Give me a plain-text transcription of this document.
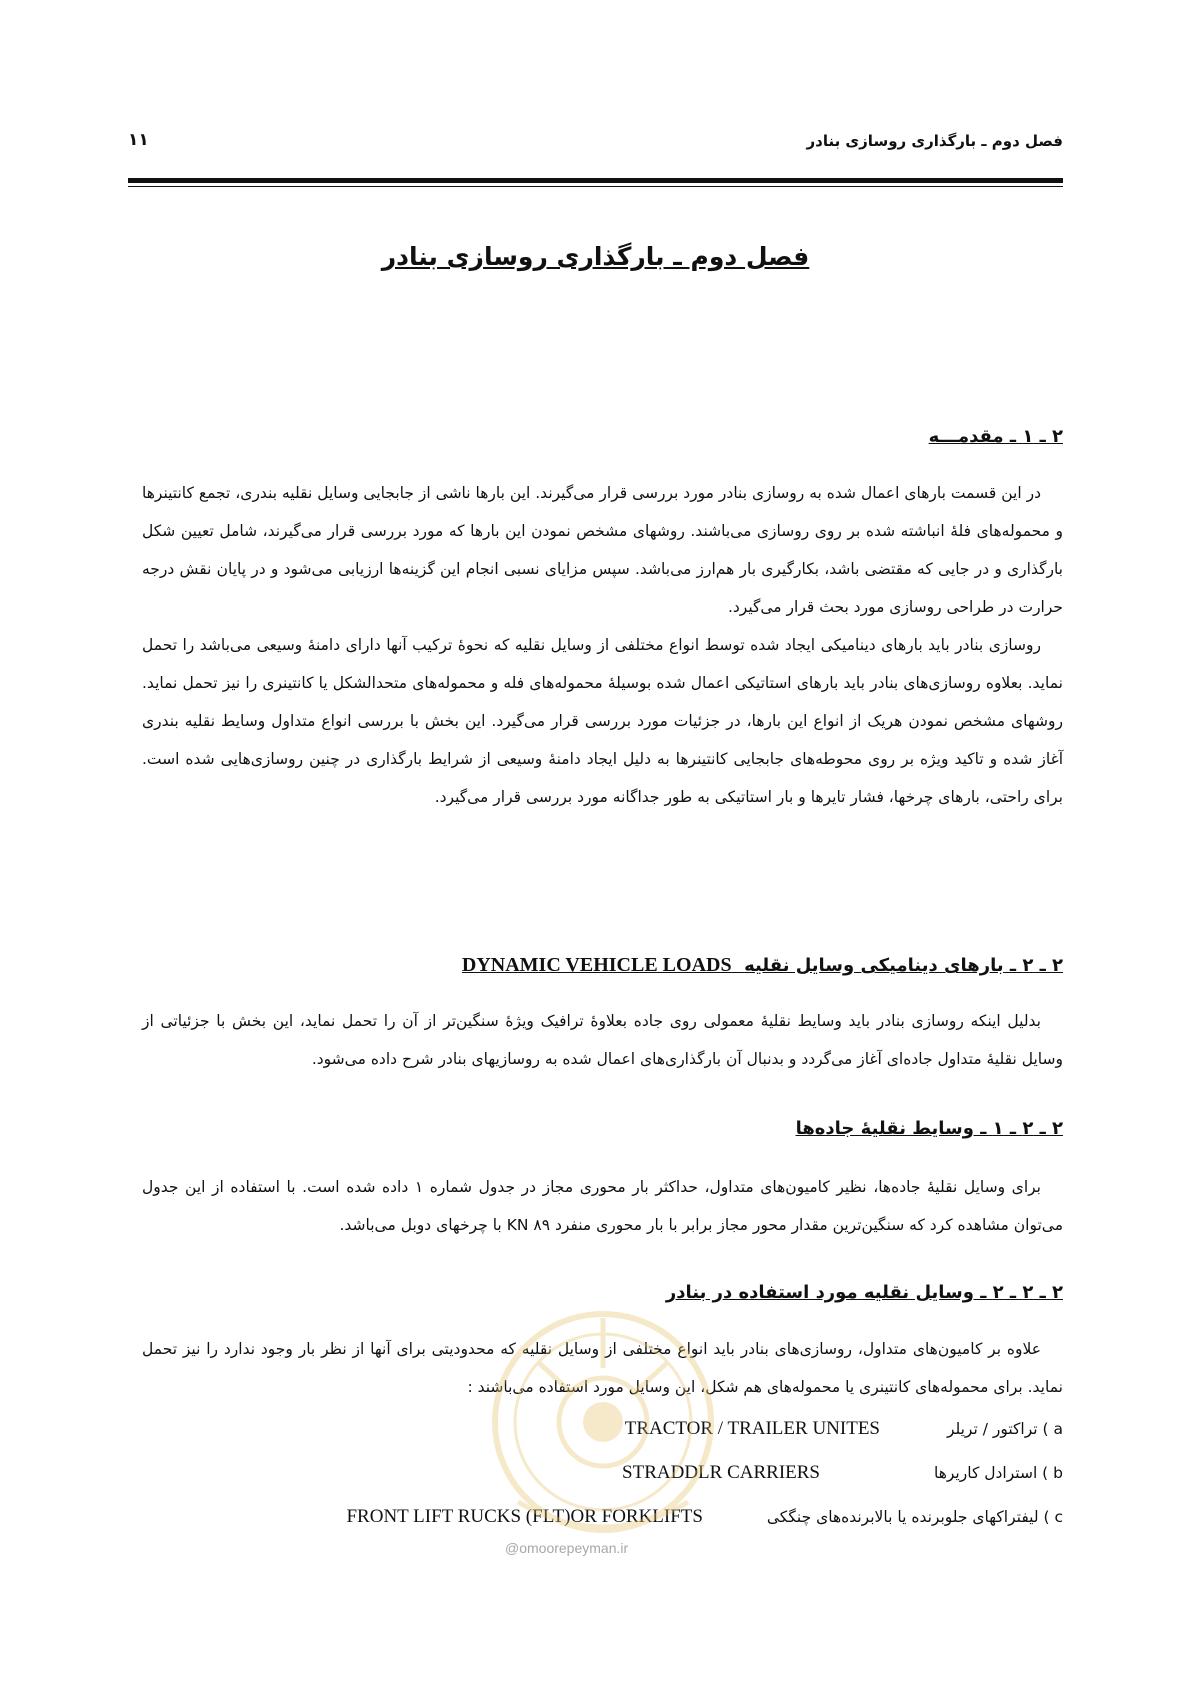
فصل دوم ـ بارگذاری روسازی بنادر
۱۱
فصل دوم ـ بارگذاری روسازی بنادر
۲ ـ ۱ ـ مقدمـــه

در این قسمت بارهای اعمال شده به روسازی بنادر مورد بررسی قرار می‌گیرند. این بارها ناشی از جابجایی وسایل نقلیه بندری، تجمع کانتینرها و محموله‌های فلهٔ انباشته شده بر روی روسازی می‌باشند. روشهای مشخص نمودن این بارها که مورد بررسی قرار می‌گیرند، شامل تعیین شکل بارگذاری و در جایی که مقتضی باشد، بکارگیری بار هم‌ارز می‌باشد. سپس مزایای نسبی انجام این گزینه‌ها ارزیابی می‌شود و در پایان نقش درجه حرارت در طراحی روسازی مورد بحث قرار می‌گیرد.

روسازی بنادر باید بارهای دینامیکی ایجاد شده توسط انواع مختلفی از وسایل نقلیه که نحوهٔ ترکیب آنها دارای دامنهٔ وسیعی می‌باشد را تحمل نماید. بعلاوه روسازی‌های بنادر باید بارهای استاتیکی اعمال شده بوسیلهٔ محموله‌های فله و محموله‌های متحدالشکل یا کانتینری را نیز تحمل نماید. روشهای مشخص نمودن هریک از انواع این بارها، در جزئیات مورد بررسی قرار می‌گیرد. این بخش با بررسی انواع متداول وسایط نقلیه بندری آغاز شده و تاکید ویژه بر روی محوطه‌های جابجایی کانتینرها به دلیل ایجاد دامنهٔ وسیعی از شرایط بارگذاری در چنین روسازی‌هایی شده است. برای راحتی، بارهای چرخها، فشار تایرها و بار استاتیکی به طور جداگانه مورد بررسی قرار می‌گیرد.

۲ ـ ۲ ـ بارهای دینامیکی وسایل نقلیه  DYNAMIC VEHICLE LOADS

بدلیل اینکه روسازی بنادر باید وسایط نقلیهٔ معمولی روی جاده بعلاوهٔ ترافیک ویژهٔ سنگین‌تر از آن را تحمل نماید، این بخش با جزئیاتی از وسایل نقلیهٔ متداول جاده‌ای آغاز می‌گردد و بدنبال آن بارگذاری‌های اعمال شده به روسازیهای بنادر شرح داده می‌شود.

۲ ـ ۲ ـ ۱ ـ وسایط نقلیهٔ جاده‌ها

برای وسایل نقلیهٔ جاده‌ها، نظیر کامیون‌های متداول، حداکثر بار محوری مجاز در جدول شماره ۱ داده شده است. با استفاده از این جدول می‌توان مشاهده کرد که سنگین‌ترین مقدار محور مجاز برابر با بار محوری منفرد KN ۸۹ با چرخهای دوبل می‌باشد.

۲ ـ ۲ ـ ۲ ـ وسایل نقلیه مورد استفاده در بنادر

علاوه بر کامیون‌های متداول، روسازی‌های بنادر باید انواع مختلفی از وسایل نقلیه که محدودیتی برای آنها از نظر بار وجود ندارد را نیز تحمل نماید. برای محموله‌های کانتینری یا محموله‌های هم شکل، این وسایل مورد استفاده می‌باشند :

a ) تراکتور / تریلر
TRACTOR / TRAILER UNITES
b ) استرادل کاریرها
STRADDLR CARRIERS
c ) لیفتراکهای جلوبرنده یا بالابرنده‌های چنگکی
FRONT LIFT RUCKS (FLT)OR FORKLIFTS
@omoorepeyman.ir
